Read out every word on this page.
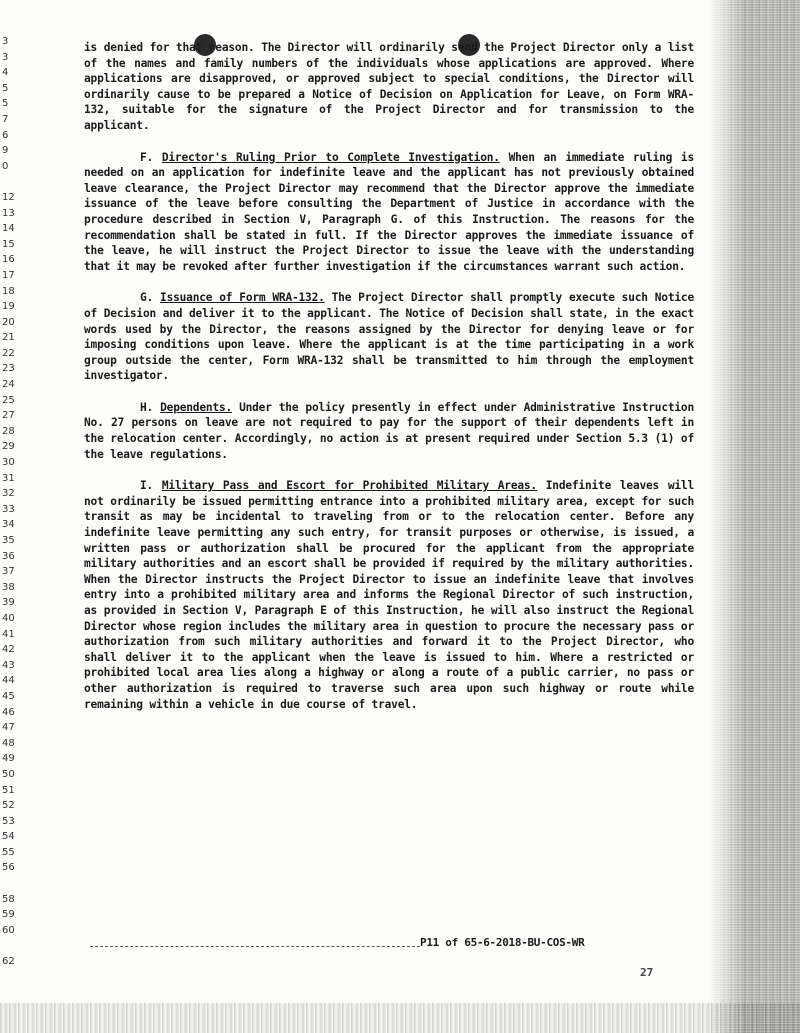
3
3
4
5
5
7
6
9
0
12
13
14
15
16
17
18
19
20
21
22
23
24
25
27
28
29
30
31
32
33
34
35
36
37
38
39
40
41
42
43
44
45
46
47
48
49
50
51
52
53
54
55
56
58
59
60
62

is denied for that reason. The Director will ordinarily send the Project Director only a list of the names and family numbers of the individuals whose applications are approved. Where applications are disapproved, or approved subject to special conditions, the Director will ordinarily cause to be prepared a Notice of Decision on Application for Leave, on Form WRA-132, suitable for the signature of the Project Director and for transmission to the applicant.

F. Director's Ruling Prior to Complete Investigation. When an immediate ruling is needed on an application for indefinite leave and the applicant has not previously obtained leave clearance, the Project Director may recommend that the Director approve the immediate issuance of the leave before consulting the Department of Justice in accordance with the procedure described in Section V, Paragraph G. of this Instruction. The reasons for the recommendation shall be stated in full. If the Director approves the immediate issuance of the leave, he will instruct the Project Director to issue the leave with the understanding that it may be revoked after further investigation if the circumstances warrant such action.

G. Issuance of Form WRA-132. The Project Director shall promptly execute such Notice of Decision and deliver it to the applicant. The Notice of Decision shall state, in the exact words used by the Director, the reasons assigned by the Director for denying leave or for imposing conditions upon leave. Where the applicant is at the time participating in a work group outside the center, Form WRA-132 shall be transmitted to him through the employment investigator.

H. Dependents. Under the policy presently in effect under Administrative Instruction No. 27 persons on leave are not required to pay for the support of their dependents left in the relocation center. Accordingly, no action is at present required under Section 5.3 (1) of the leave regulations.

I. Military Pass and Escort for Prohibited Military Areas. Indefinite leaves will not ordinarily be issued permitting entrance into a prohibited military area, except for such transit as may be incidental to traveling from or to the relocation center. Before any indefinite leave permitting any such entry, for transit purposes or otherwise, is issued, a written pass or authorization shall be procured for the applicant from the appropriate military authorities and an escort shall be provided if required by the military authorities. When the Director instructs the Project Director to issue an indefinite leave that involves entry into a prohibited military area and informs the Regional Director of such instruction, as provided in Section V, Paragraph E of this Instruction, he will also instruct the Regional Director whose region includes the military area in question to procure the necessary pass or authorization from such military authorities and forward it to the Project Director, who shall deliver it to the applicant when the leave is issued to him. Where a restricted or prohibited local area lies along a highway or along a route of a public carrier, no pass or other authorization is required to traverse such area upon such highway or route while remaining within a vehicle in due course of travel.

P11 of 65-6-2018-BU-COS-WR
27
